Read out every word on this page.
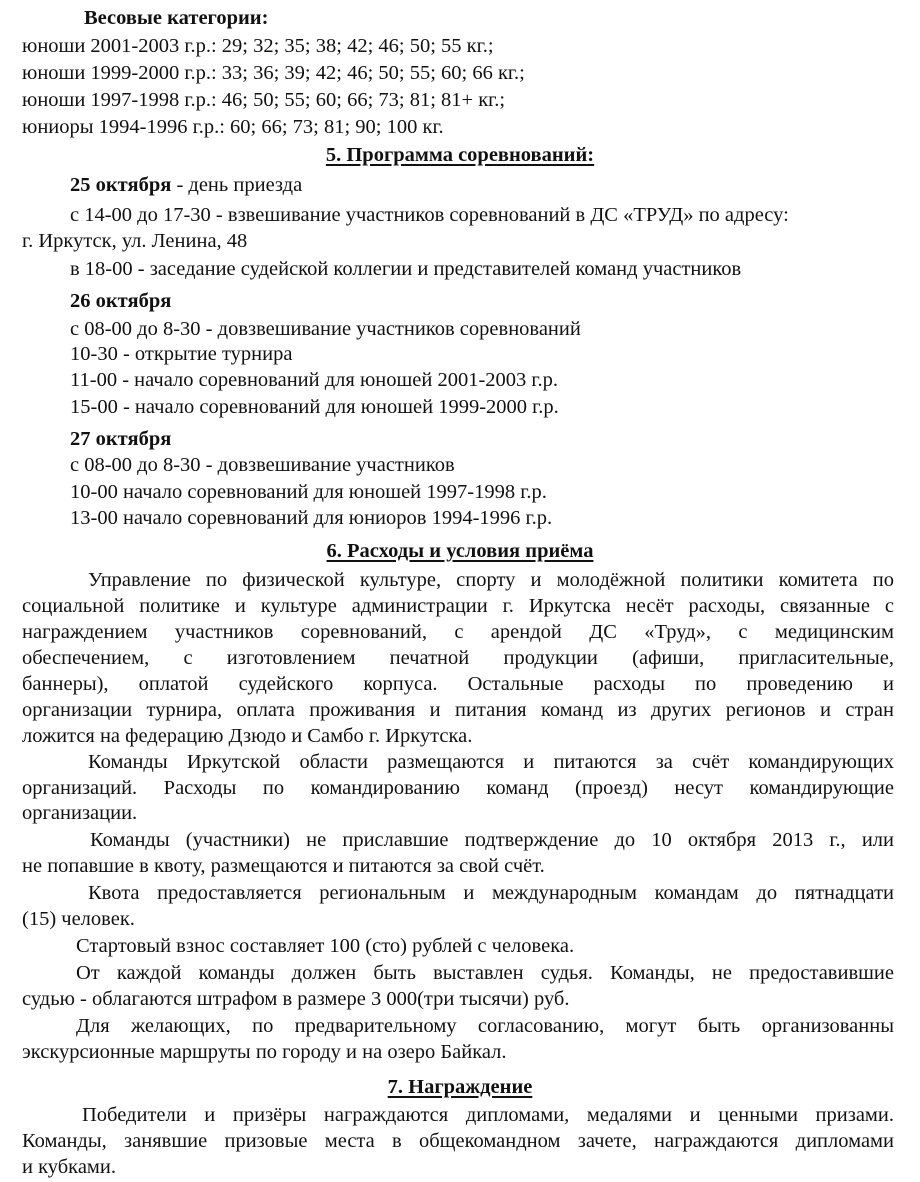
Весовые категории:
юноши 2001-2003 г.р.: 29; 32; 35; 38; 42; 46; 50; 55 кг.;
юноши 1999-2000 г.р.: 33; 36; 39; 42; 46; 50; 55; 60; 66 кг.;
юноши 1997-1998 г.р.: 46; 50; 55; 60; 66; 73; 81; 81+ кг.;
юниоры 1994-1996 г.р.: 60; 66; 73; 81; 90; 100 кг.
5. Программа соревнований:
25 октября - день приезда
с 14-00 до 17-30 - взвешивание участников соревнований в ДС «ТРУД» по адресу:
г. Иркутск, ул. Ленина, 48
в 18-00 - заседание судейской коллегии и представителей команд участников
26 октября
с 08-00 до 8-30 - довзвешивание участников соревнований
10-30 - открытие турнира
11-00 - начало соревнований для юношей 2001-2003 г.р.
15-00 - начало соревнований для юношей 1999-2000 г.р.
27 октября
с 08-00 до 8-30 - довзвешивание участников
10-00 начало соревнований для юношей 1997-1998 г.р.
13-00 начало соревнований для юниоров 1994-1996 г.р.
6. Расходы и условия приёма
Управление по физической культуре, спорту и молодёжной политики комитета по
социальной политике и культуре администрации г. Иркутска несёт расходы, связанные с
награждением участников соревнований, с арендой ДС «Труд», с медицинским
обеспечением, с изготовлением печатной продукции (афиши, пригласительные,
баннеры), оплатой судейского корпуса. Остальные расходы по проведению и
организации турнира, оплата проживания и питания команд из других регионов и стран
ложится на федерацию Дзюдо и Самбо г. Иркутска.
Команды Иркутской области размещаются и питаются за счёт командирующих
организаций. Расходы по командированию команд (проезд) несут командирующие
организации.
Команды (участники) не приславшие подтверждение до 10 октября 2013 г., или
не попавшие в квоту, размещаются и питаются за свой счёт.
Квота предоставляется региональным и международным командам до пятнадцати
(15) человек.
Стартовый взнос составляет 100 (сто) рублей с человека.
От каждой команды должен быть выставлен судья. Команды, не предоставившие
судью - облагаются штрафом в размере 3 000(три тысячи) руб.
Для желающих, по предварительному согласованию, могут быть организованны
экскурсионные маршруты по городу и на озеро Байкал.
7. Награждение
Победители и призёры награждаются дипломами, медалями и ценными призами.
Команды, занявшие призовые места в общекомандном зачете, награждаются дипломами
и кубками.
